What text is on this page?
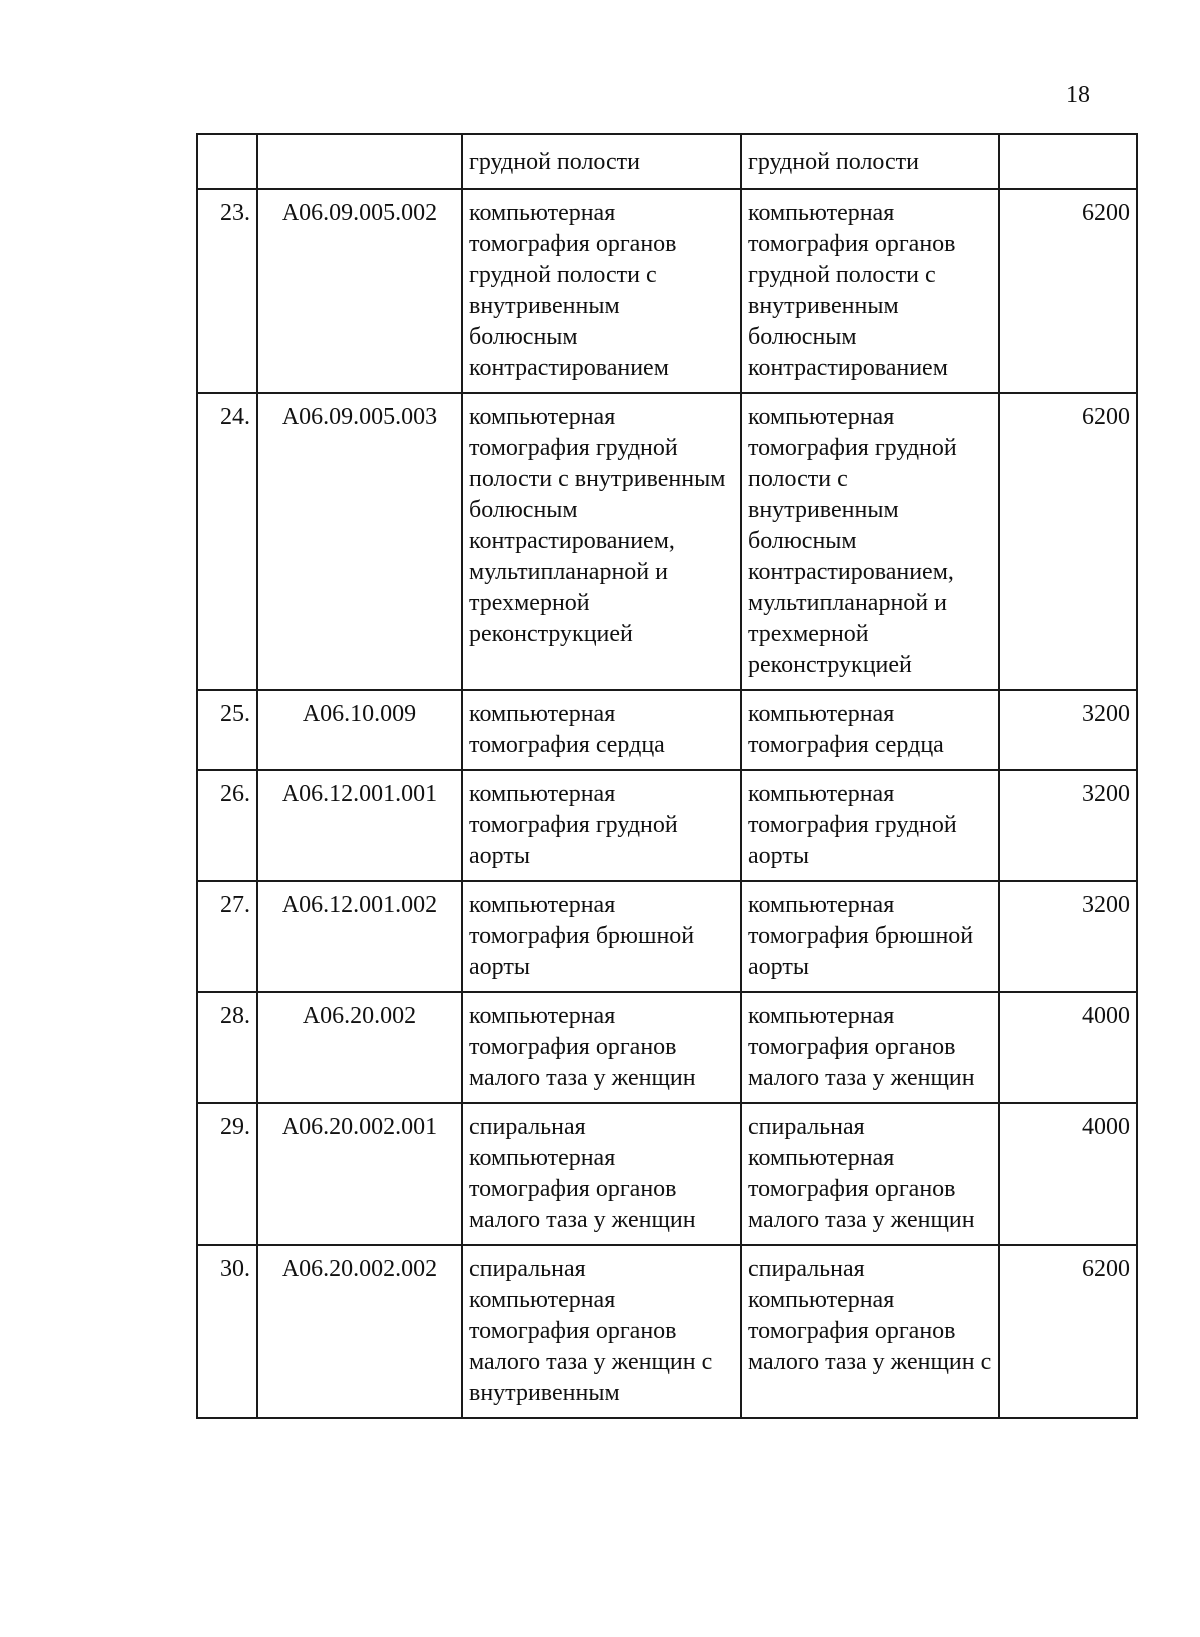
18
		грудной полости	грудной полости	
23.	А06.09.005.002	компьютерная томография органов грудной полости с внутривенным болюсным контрастированием	компьютерная томография органов грудной полости с внутривенным болюсным контрастированием	6200
24.	А06.09.005.003	компьютерная томография грудной полости с внутривенным болюсным контрастированием, мультипланарной и трехмерной реконструкцией	компьютерная томография грудной полости с внутривенным болюсным контрастированием, мультипланарной и трехмерной реконструкцией	6200
25.	А06.10.009	компьютерная томография сердца	компьютерная томография сердца	3200
26.	А06.12.001.001	компьютерная томография грудной аорты	компьютерная томография грудной аорты	3200
27.	А06.12.001.002	компьютерная томография брюшной аорты	компьютерная томография брюшной аорты	3200
28.	А06.20.002	компьютерная томография органов малого таза у женщин	компьютерная томография органов малого таза у женщин	4000
29.	А06.20.002.001	спиральная компьютерная томография органов малого таза у женщин	спиральная компьютерная томография органов малого таза у женщин	4000
30.	А06.20.002.002	спиральная компьютерная томография органов малого таза у женщин с внутривенным	спиральная компьютерная томография органов малого таза у женщин с	6200
